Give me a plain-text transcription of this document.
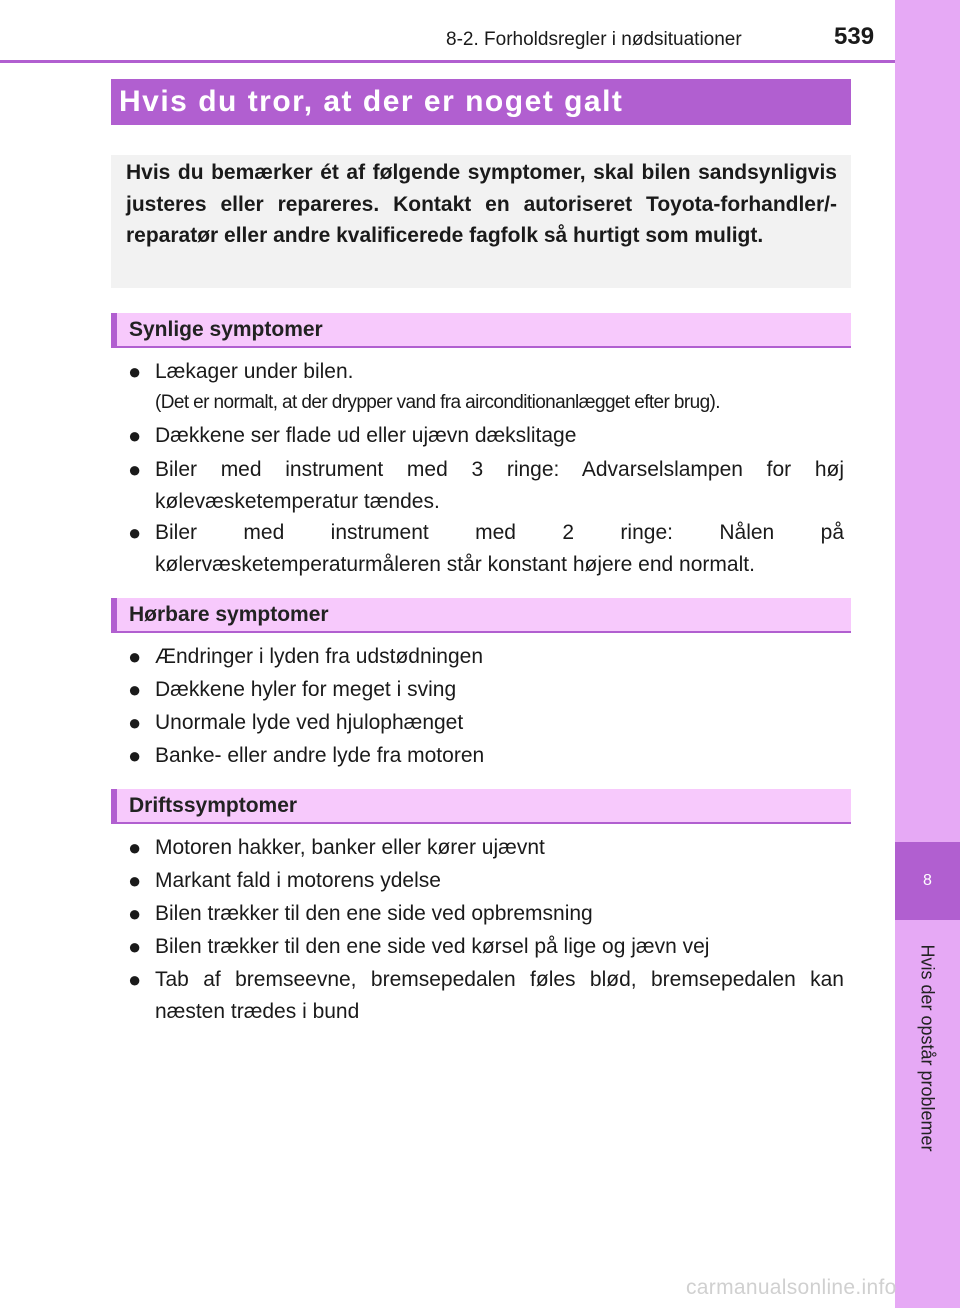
8
Hvis der opstår problemer
8-2. Forholdsregler i nødsituationer	539
Hvis du tror, at der er noget galt
Hvis du bemærker ét af følgende symptomer, skal bilen sandsynligvis justeres eller repareres. Kontakt en autoriseret Toyota-forhandler/-reparatør eller andre kvalificerede fagfolk så hurtigt som muligt.
Synlige symptomer
● Lækager under bilen.
(Det er normalt, at der drypper vand fra airconditionanlægget efter brug).
● Dækkene ser flade ud eller ujævn dækslitage
● Biler med instrument med 3 ringe: Advarselslampen for høj kølevæsketemperatur tændes.
● Biler med instrument med 2 ringe: Nålen på kølervæsketemperaturmåleren står konstant højere end normalt.
Hørbare symptomer
● Ændringer i lyden fra udstødningen
● Dækkene hyler for meget i sving
● Unormale lyde ved hjulophænget
● Banke- eller andre lyde fra motoren
Driftssymptomer
● Motoren hakker, banker eller kører ujævnt
● Markant fald i motorens ydelse
● Bilen trækker til den ene side ved opbremsning
● Bilen trækker til den ene side ved kørsel på lige og jævn vej
● Tab af bremseevne, bremsepedalen føles blød, bremsepedalen kan næsten trædes i bund
carmanualsonline.info
